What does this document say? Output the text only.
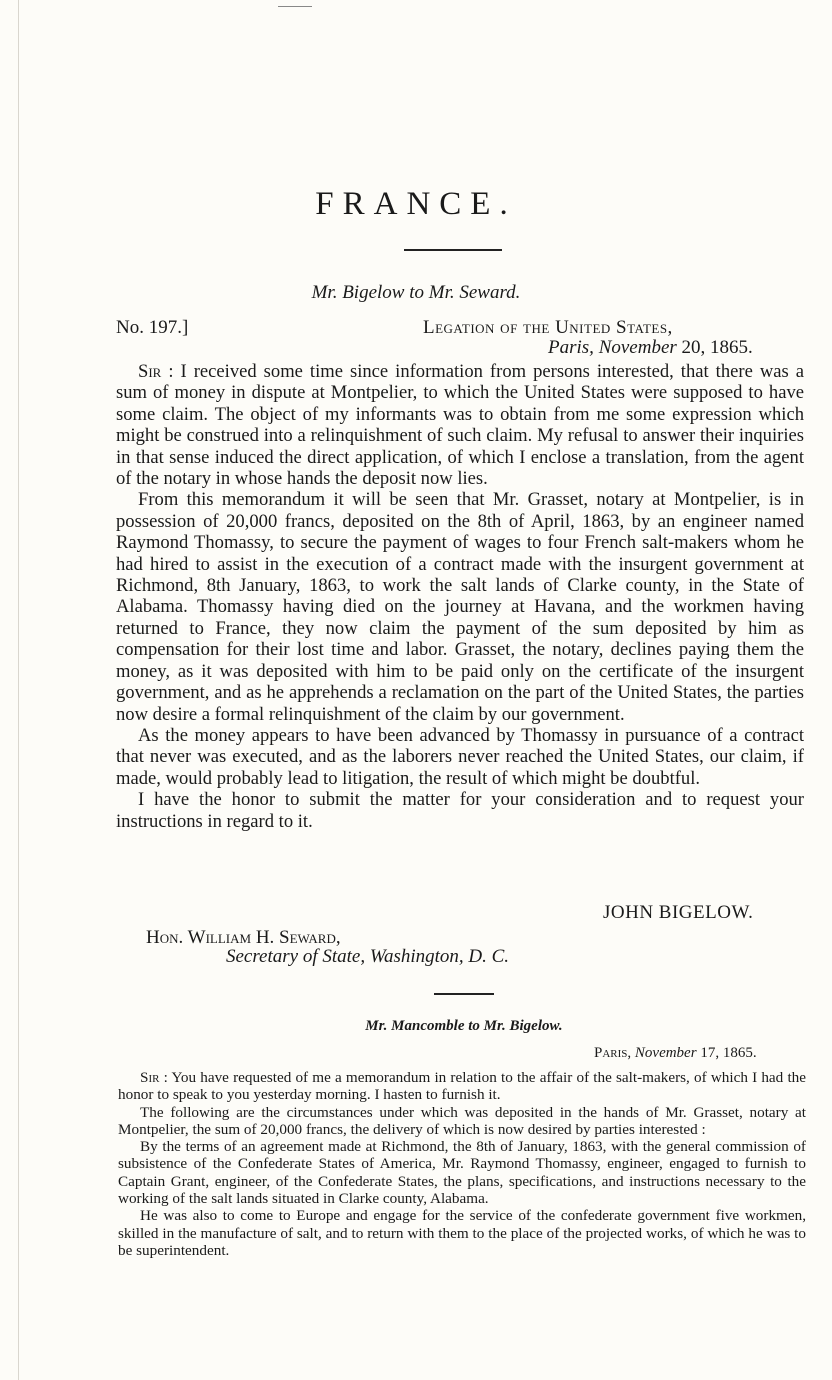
FRANCE.
Mr. Bigelow to Mr. Seward.
No. 197.]	Legation of the United States,
Paris, November 20, 1865.

Sir : I received some time since information from persons interested, that there was a sum of money in dispute at Montpelier, to which the United States were supposed to have some claim. The object of my informants was to obtain from me some expression which might be construed into a relinquishment of such claim. My refusal to answer their inquiries in that sense induced the direct application, of which I enclose a translation, from the agent of the notary in whose hands the deposit now lies.

From this memorandum it will be seen that Mr. Grasset, notary at Montpelier, is in possession of 20,000 francs, deposited on the 8th of April, 1863, by an engineer named Raymond Thomassy, to secure the payment of wages to four French salt-makers whom he had hired to assist in the execution of a contract made with the insurgent government at Richmond, 8th January, 1863, to work the salt lands of Clarke county, in the State of Alabama. Thomassy having died on the journey at Havana, and the workmen having returned to France, they now claim the payment of the sum deposited by him as compensation for their lost time and labor. Grasset, the notary, declines paying them the money, as it was deposited with him to be paid only on the certificate of the insurgent government, and as he apprehends a reclamation on the part of the United States, the parties now desire a formal relinquishment of the claim by our government.

As the money appears to have been advanced by Thomassy in pursuance of a contract that never was executed, and as the laborers never reached the United States, our claim, if made, would probably lead to litigation, the result of which might be doubtful.

I have the honor to submit the matter for your consideration and to request your instructions in regard to it.

JOHN BIGELOW.
Hon. William H. Seward,
Secretary of State, Washington, D. C.
Mr. Mancomble to Mr. Bigelow.
Paris, November 17, 1865.

Sir : You have requested of me a memorandum in relation to the affair of the salt-makers, of which I had the honor to speak to you yesterday morning. I hasten to furnish it.

The following are the circumstances under which was deposited in the hands of Mr. Grasset, notary at Montpelier, the sum of 20,000 francs, the delivery of which is now desired by parties interested :

By the terms of an agreement made at Richmond, the 8th of January, 1863, with the general commission of subsistence of the Confederate States of America, Mr. Raymond Thomassy, engineer, engaged to furnish to Captain Grant, engineer, of the Confederate States, the plans, specifications, and instructions necessary to the working of the salt lands situated in Clarke county, Alabama.

He was also to come to Europe and engage for the service of the confederate government five workmen, skilled in the manufacture of salt, and to return with them to the place of the projected works, of which he was to be superintendent.
